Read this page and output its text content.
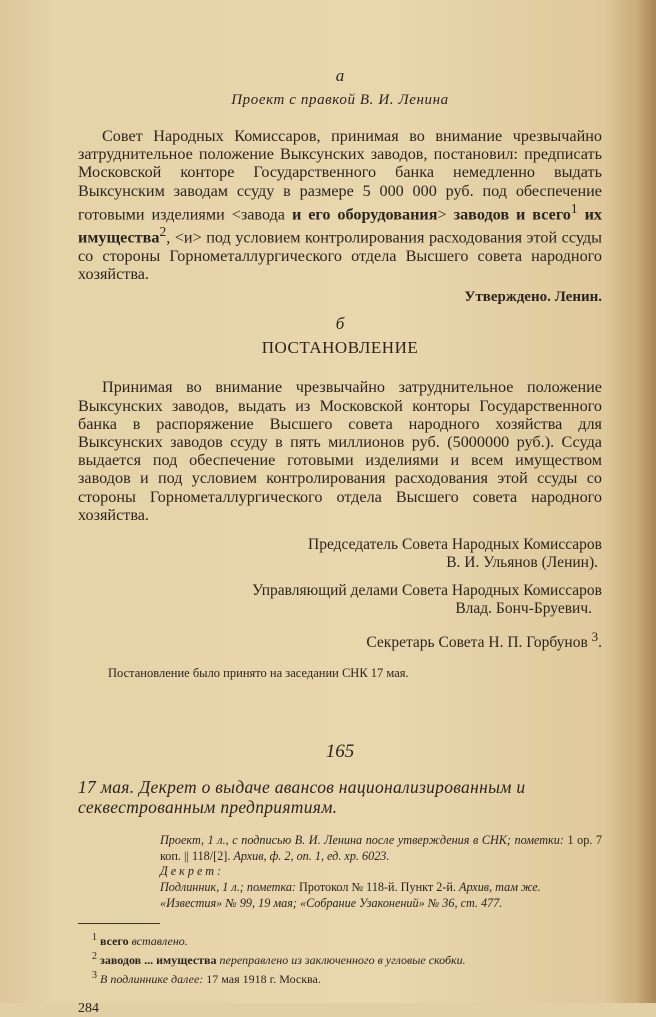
а

Проект с правкой В. И. Ленина

Совет Народных Комиссаров, принимая во внимание чрезвычайно затруднительное положение Выксунских заводов, постановил: предписать Московской конторе Государственного банка немедленно выдать Выксунским заводам ссуду в размере 5 000 000 руб. под обеспечение готовыми изделиями <завода и его оборудования> заводов и всего$^1$ их имущества$^2$, <и> под условием контролирования расходования этой ссуды со стороны Горнометаллургического отдела Высшего совета народного хозяйства.

Утверждено. Ленин.

б

ПОСТАНОВЛЕНИЕ

Принимая во внимание чрезвычайно затруднительное положение Выксунских заводов, выдать из Московской конторы Государственного банка в распоряжение Высшего совета народного хозяйства для Выксунских заводов ссуду в пять миллионов руб. (5000000 руб.). Ссуда выдается под обеспечение готовыми изделиями и всем имуществом заводов и под условием контролирования расходования этой ссуды со стороны Горнометаллургического отдела Высшего совета народного хозяйства.

Председатель Совета Народных Комиссаров

В. И. Ульянов (Ленин).

Управляющий делами Совета Народных Комиссаров

Влад. Бонч-Бруевич.

Секретарь Совета Н. П. Горбунов $^3$.

Постановление было принято на заседании СНК 17 мая.

165

17 мая. Декрет о выдаче авансов национализированным и секвестрованным предприятиям.

Проект, 1 л., с подписью В. И. Ленина после утверждения в СНК; пометки: 1 ор. 7 коп. || 118/[2]. Архив, ф. 2, оп. 1, ед. хр. 6023.

Декрет:

Подлинник, 1 л.; пометка: Протокол № 118-й. Пункт 2-й. Архив, там же.

«Известия» № 99, 19 мая; «Собрание Узаконений» № 36, ст. 477.

$^1$ всего вставлено.

$^2$ заводов ... имущества переправлено из заключенного в угловые скобки.

$^3$ В подлиннике далее: 17 мая 1918 г. Москва.

284
